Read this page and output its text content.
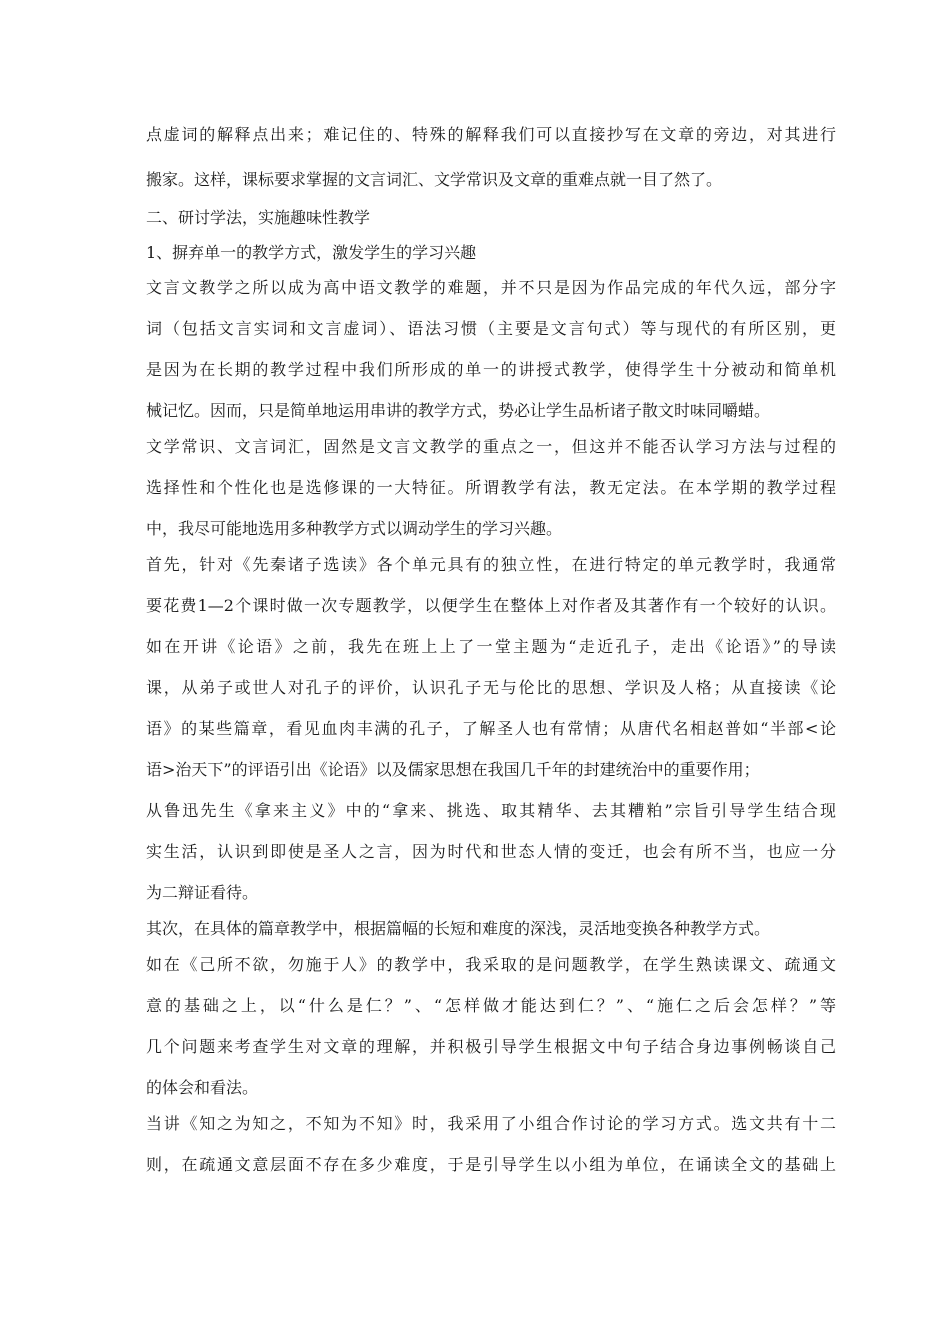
点虚词的解释点出来；难记住的、特殊的解释我们可以直接抄写在文章的旁边，对其进行
搬家。这样，课标要求掌握的文言词汇、文学常识及文章的重难点就一目了然了。
二、研讨学法，实施趣味性教学
1、摒弃单一的教学方式，激发学生的学习兴趣
文言文教学之所以成为高中语文教学的难题，并不只是因为作品完成的年代久远，部分字
词（包括文言实词和文言虚词）、语法习惯（主要是文言句式）等与现代的有所区别，更
是因为在长期的教学过程中我们所形成的单一的讲授式教学，使得学生十分被动和简单机
械记忆。因而，只是简单地运用串讲的教学方式，势必让学生品析诸子散文时味同嚼蜡。
文学常识、文言词汇，固然是文言文教学的重点之一，但这并不能否认学习方法与过程的
选择性和个性化也是选修课的一大特征。所谓教学有法，教无定法。在本学期的教学过程
中，我尽可能地选用多种教学方式以调动学生的学习兴趣。
首先，针对《先秦诸子选读》各个单元具有的独立性，在进行特定的单元教学时，我通常
要花费1—2个课时做一次专题教学，以便学生在整体上对作者及其著作有一个较好的认识。
如在开讲《论语》之前，我先在班上上了一堂主题为“走近孔子，走出《论语》”的导读
课，从弟子或世人对孔子的评价，认识孔子无与伦比的思想、学识及人格；从直接读《论
语》的某些篇章，看见血肉丰满的孔子，了解圣人也有常情；从唐代名相赵普如“半部<论
语>治天下”的评语引出《论语》以及儒家思想在我国几千年的封建统治中的重要作用；
从鲁迅先生《拿来主义》中的“拿来、挑选、取其精华、去其糟粕”宗旨引导学生结合现
实生活，认识到即使是圣人之言，因为时代和世态人情的变迁，也会有所不当，也应一分
为二辩证看待。
其次，在具体的篇章教学中，根据篇幅的长短和难度的深浅，灵活地变换各种教学方式。
如在《己所不欲，勿施于人》的教学中，我采取的是问题教学，在学生熟读课文、疏通文
意的基础之上，以“什么是仁？”、“怎样做才能达到仁？”、“施仁之后会怎样？”等
几个问题来考查学生对文章的理解，并积极引导学生根据文中句子结合身边事例畅谈自己
的体会和看法。
当讲《知之为知之，不知为不知》时，我采用了小组合作讨论的学习方式。选文共有十二
则，在疏通文意层面不存在多少难度，于是引导学生以小组为单位，在诵读全文的基础上
